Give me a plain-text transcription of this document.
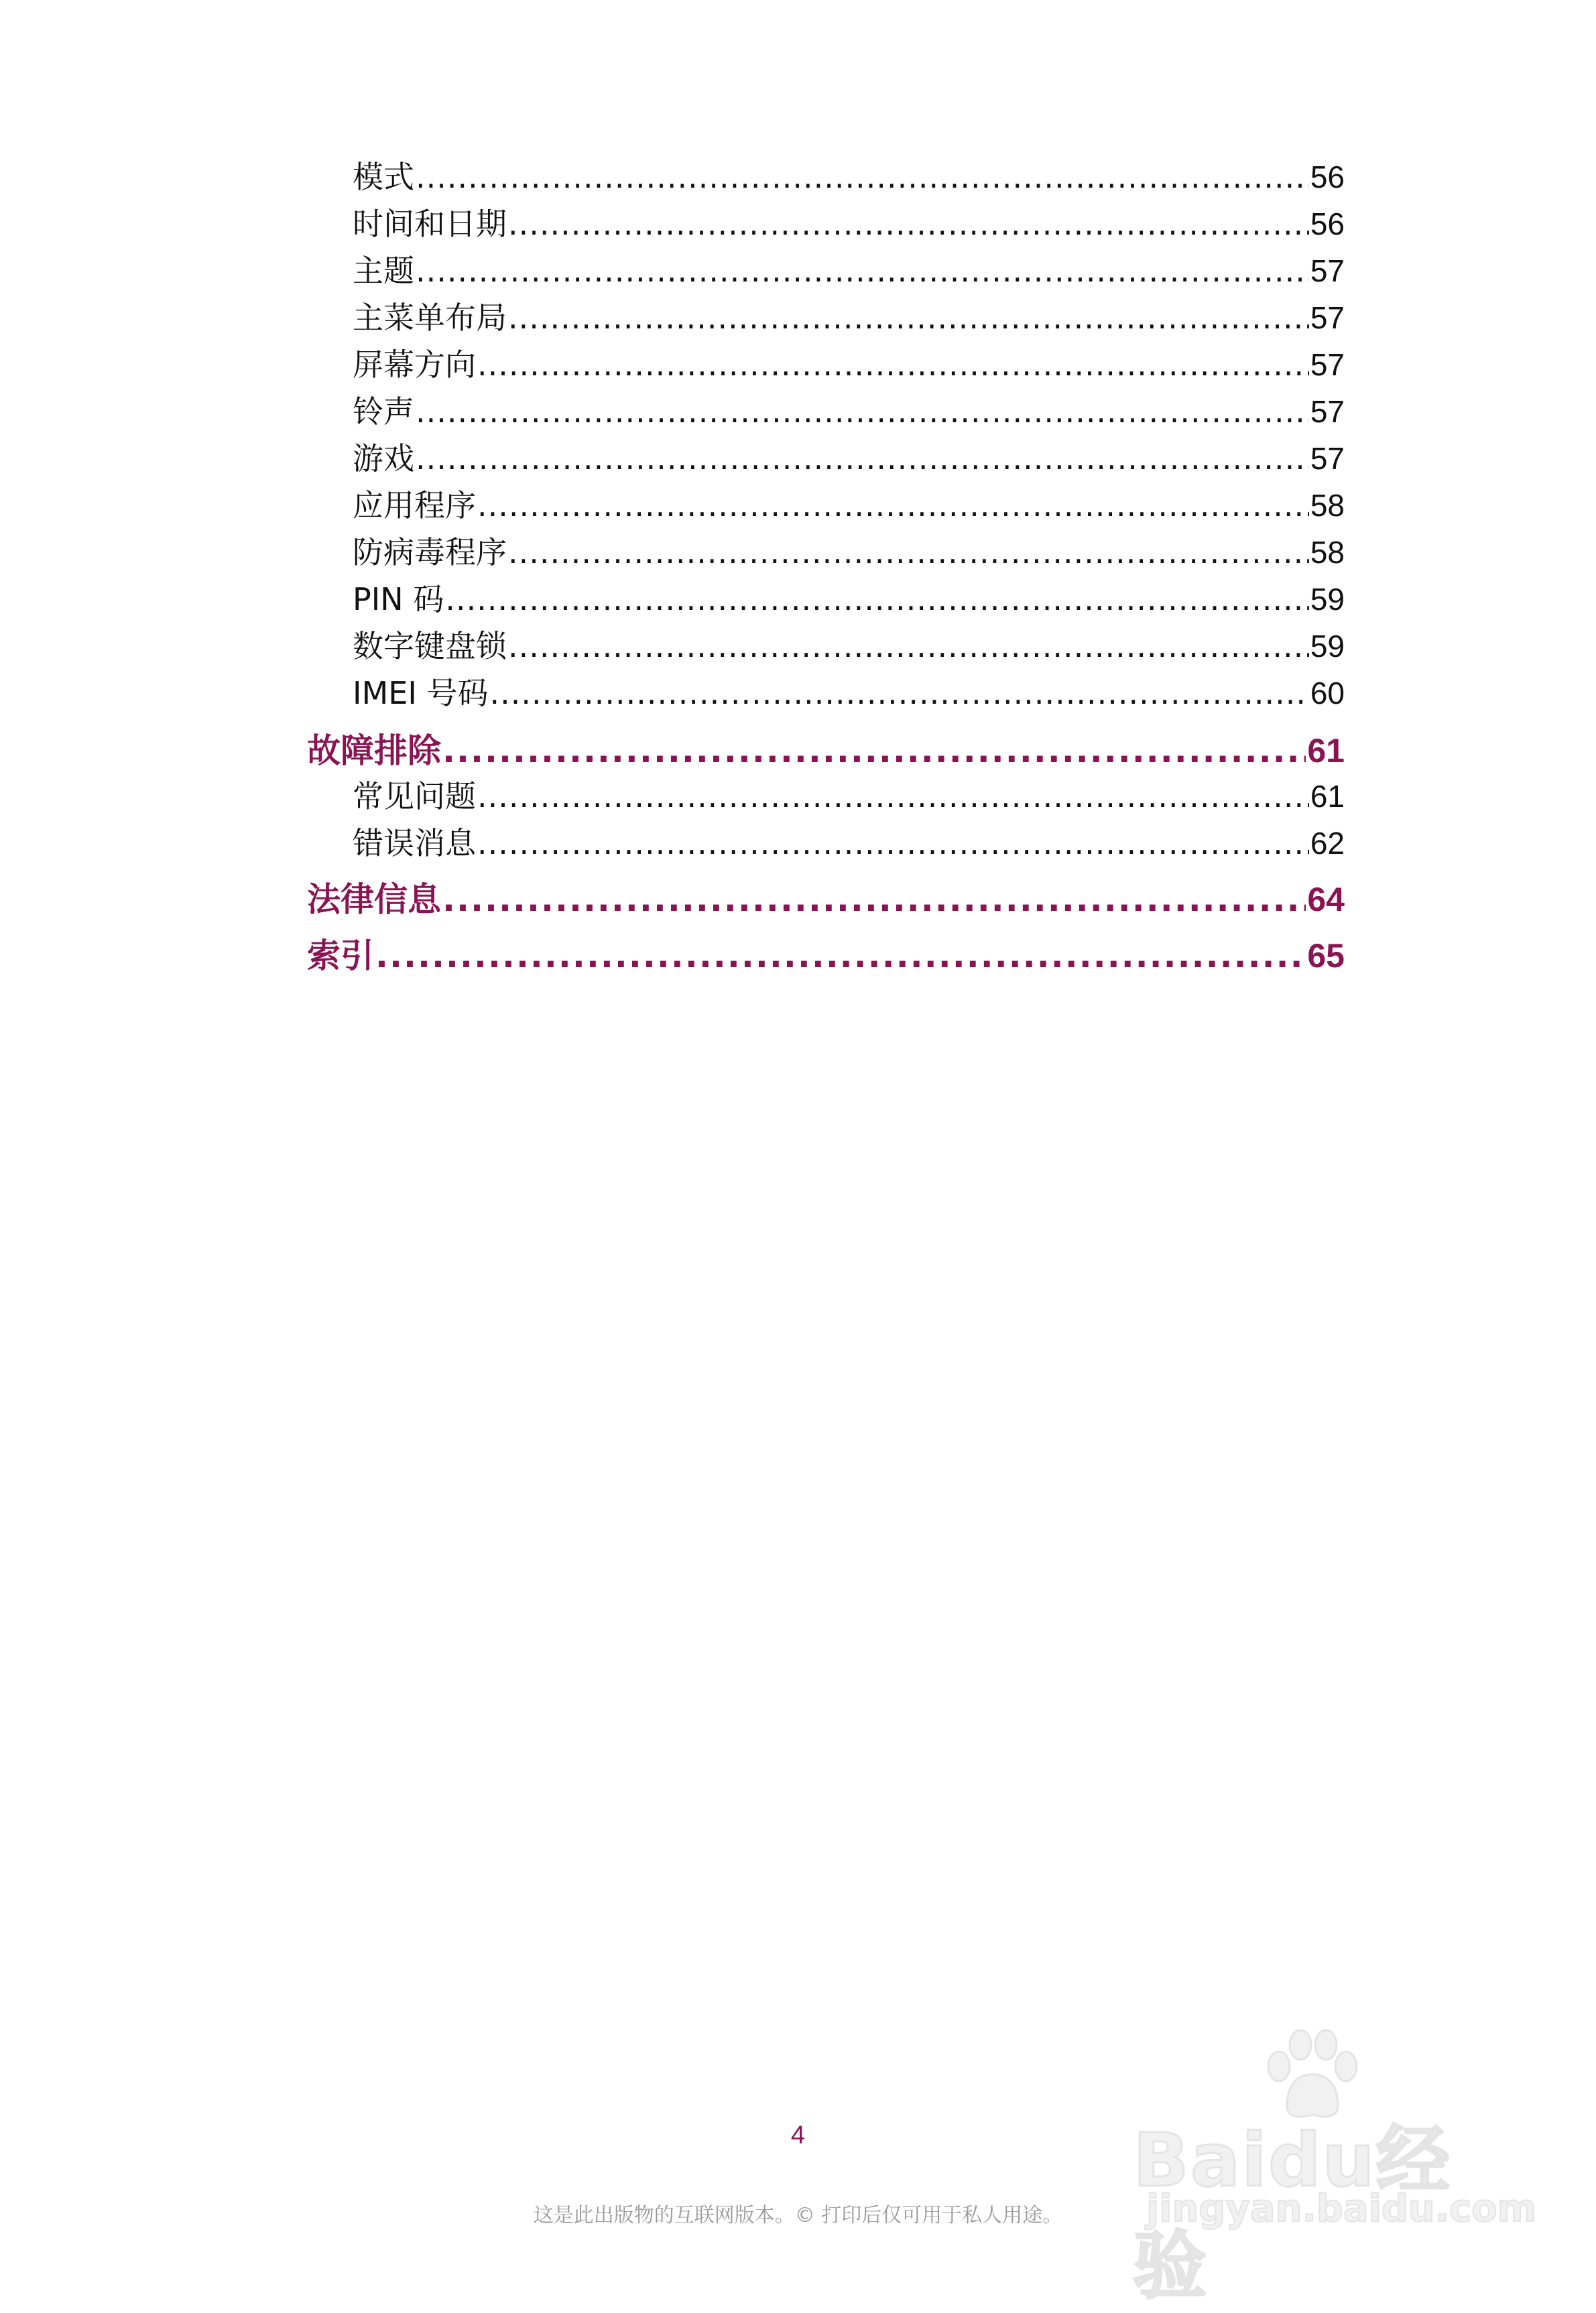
模式 .....	56
时间和日期 .....	56
主题 .....	57
主菜单布局 .....	57
屏幕方向 .....	57
铃声 .....	57
游戏 .....	57
应用程序 .....	58
防病毒程序 .....	58
PIN 码 .....	59
数字键盘锁 .....	59
IMEI 号码 .....	60
故障排除 .....	61
常见问题 .....	61
错误消息 .....	62
法律信息 .....	64
索引 .....	65
4
这是此出版物的互联网版本。© 打印后仅可用于私人用途。
Baidu经验
jingyan.baidu.com
